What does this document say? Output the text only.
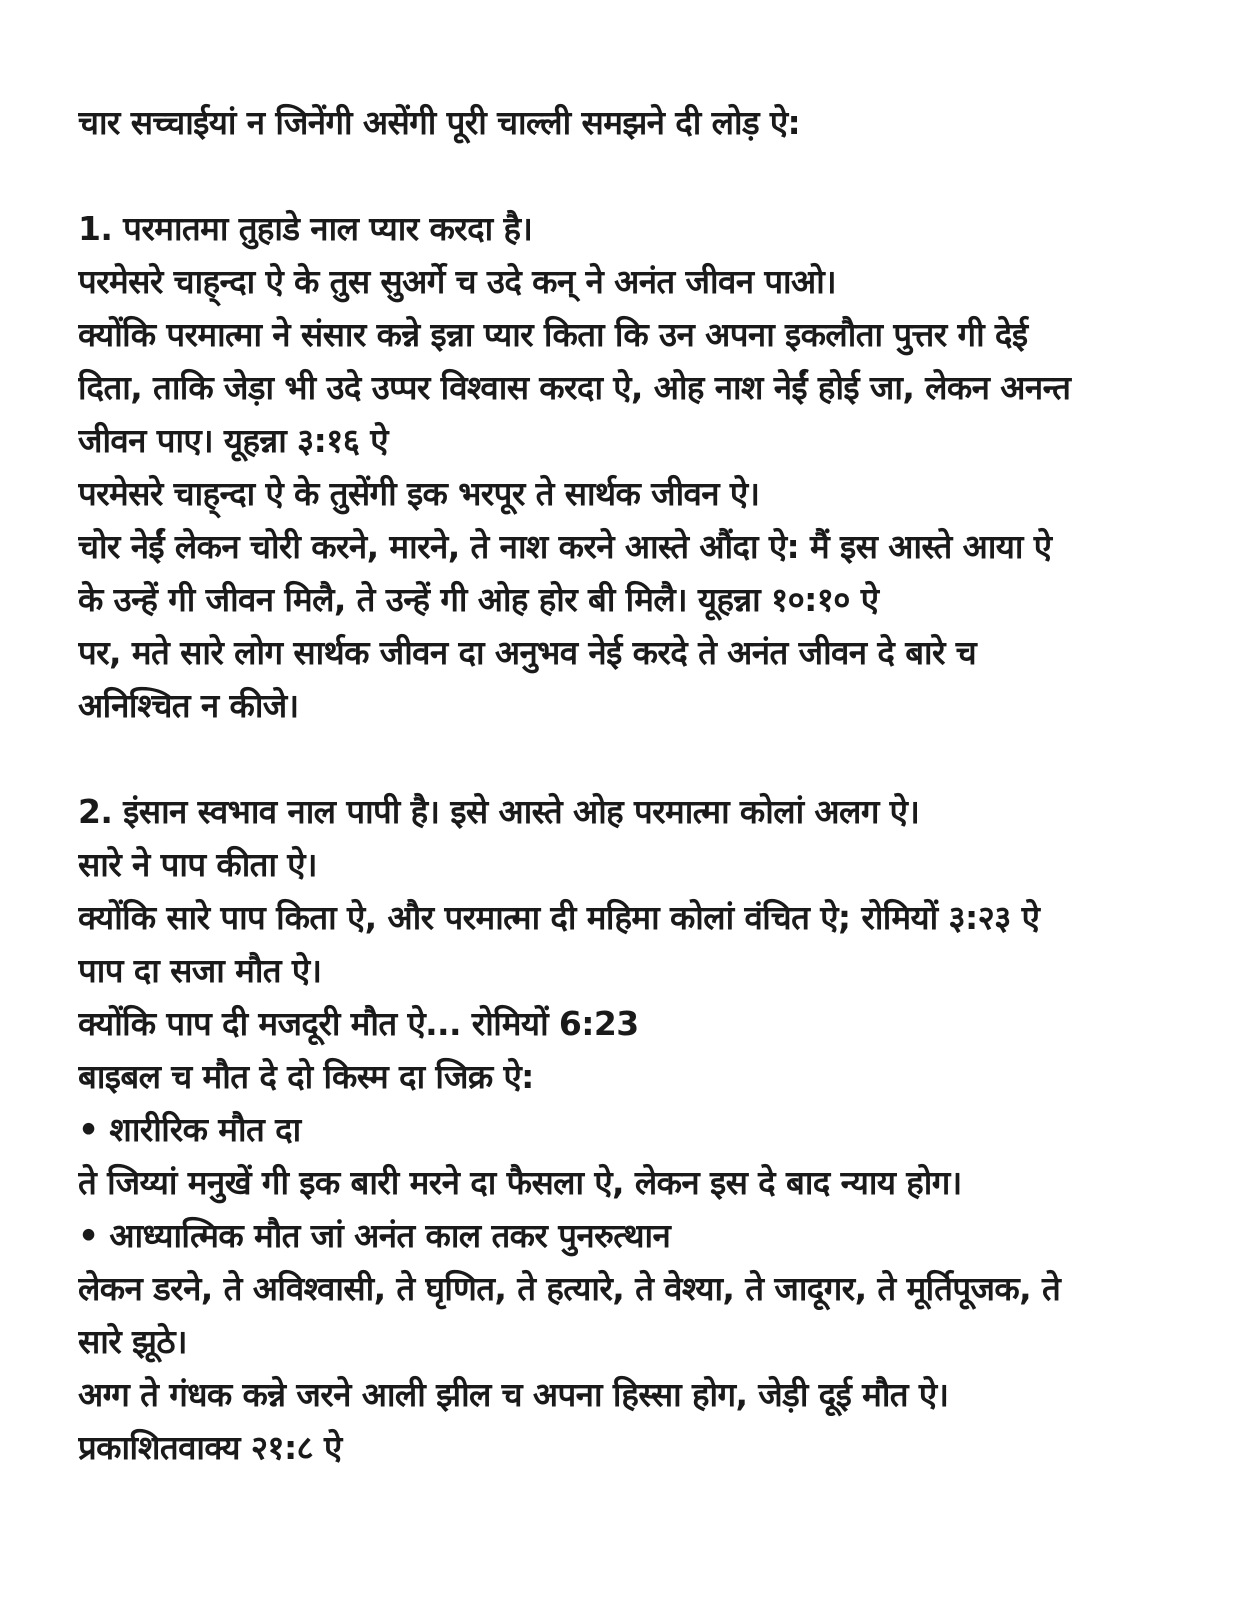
चार सच्चाईयां न जिनेंगी असेंगी पूरी चाल्ली समझने दी लोड़ ऐ:
1. परमातमा तुहाडे नाल प्यार करदा है।
परमेसरे चाह्‌न्दा ऐ के तुस सुअर्गे च उदे कन् ने अनंत जीवन पाओ।
क्योंकि परमात्मा ने संसार कन्ने इन्ना प्यार किता कि उन अपना इकलौता पुत्तर गी देई
दिता, ताकि जेड़ा भी उदे उप्पर विश्वास करदा ऐ, ओह नाश नेईं होई जा, लेकन अनन्त
जीवन पाए। यूहन्ना ३:१६ ऐ
परमेसरे चाह्‌न्दा ऐ के तुसेंगी इक भरपूर ते सार्थक जीवन ऐ।
चोर नेईं लेकन चोरी करने, मारने, ते नाश करने आस्ते औंदा ऐ: मैं इस आस्ते आया ऐ
के उन्हें गी जीवन मिलै, ते उन्हें गी ओह होर बी मिलै। यूहन्ना १०:१० ऐ
पर, मते सारे लोग सार्थक जीवन दा अनुभव नेई करदे ते अनंत जीवन दे बारे च
अनिश्चित न कीजे।
2. इंसान स्वभाव नाल पापी है। इसे आस्ते ओह परमात्मा कोलां अलग ऐ।
सारे ने पाप कीता ऐ।
क्योंकि सारे पाप किता ऐ, और परमात्मा दी महिमा कोलां वंचित ऐ; रोमियों ३:२३ ऐ
पाप दा सजा मौत ऐ।
क्योंकि पाप दी मजदूरी मौत ऐ... रोमियों 6:23
बाइबल च मौत दे दो किस्म दा जिक्र ऐ:
• शारीरिक मौत दा
ते जिय्यां मनुखें गी इक बारी मरने दा फैसला ऐ, लेकन इस दे बाद न्याय होग।
• आध्यात्मिक मौत जां अनंत काल तकर पुनरुत्थान
लेकन डरने, ते अविश्वासी, ते घृणित, ते हत्यारे, ते वेश्या, ते जादूगर, ते मूर्तिपूजक, ते
सारे झूठे।
अग्ग ते गंधक कन्ने जरने आली झील च अपना हिस्सा होग, जेड़ी दूई मौत ऐ।
प्रकाशितवाक्य २१:८ ऐ
